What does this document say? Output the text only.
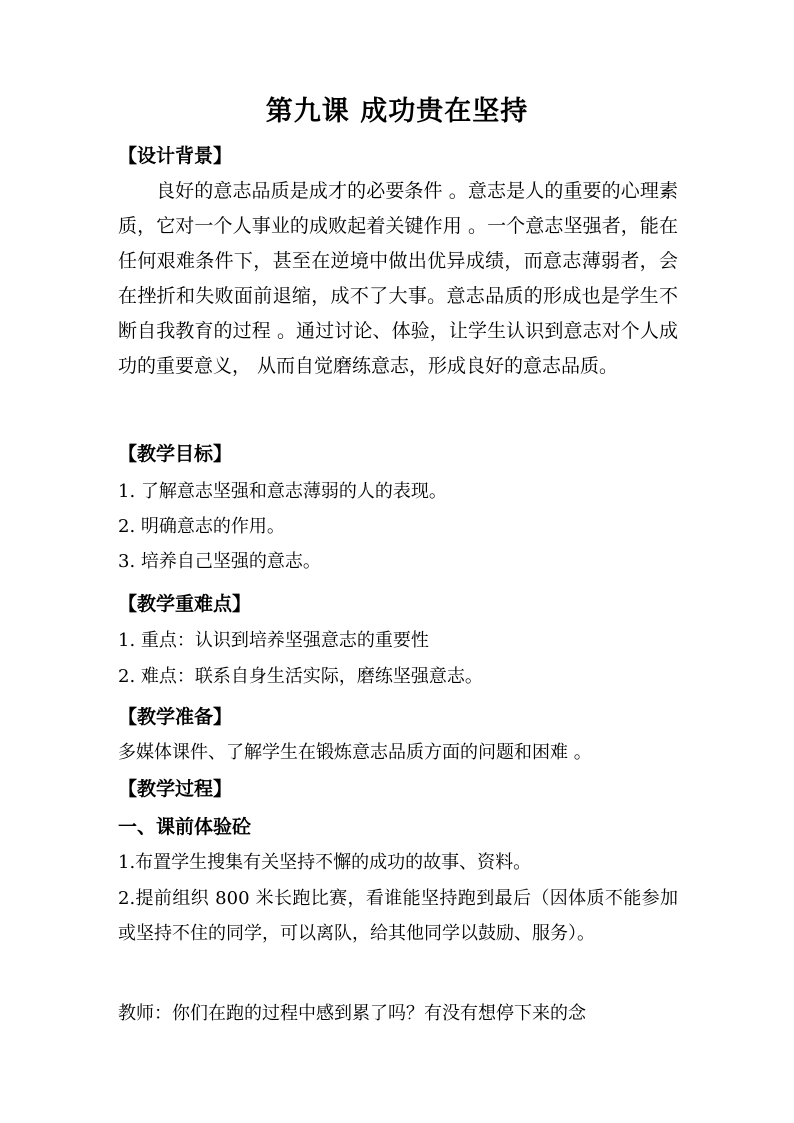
第九课 成功贵在坚持
【设计背景】

良好的意志品质是成才的必要条件 。意志是人的重要的心理素质，它对一个人事业的成败起着关键作用 。一个意志坚强者，能在任何艰难条件下，甚至在逆境中做出优异成绩，而意志薄弱者，会在挫折和失败面前退缩，成不了大事。意志品质的形成也是学生不断自我教育的过程 。通过讨论、体验，让学生认识到意志对个人成功的重要意义， 从而自觉磨练意志，形成良好的意志品质。

【教学目标】
1. 了解意志坚强和意志薄弱的人的表现。
2. 明确意志的作用。
3. 培养自己坚强的意志。
【教学重难点】
1. 重点：认识到培养坚强意志的重要性
2. 难点：联系自身生活实际，磨练坚强意志。
【教学准备】
多媒体课件、了解学生在锻炼意志品质方面的问题和困难 。
【教学过程】
一、课前体验砼
1.布置学生搜集有关坚持不懈的成功的故事、资料。

2.提前组织 800 米长跑比赛，看谁能坚持跑到最后（因体质不能参加或坚持不住的同学，可以离队，给其他同学以鼓励、服务）。

教师：你们在跑的过程中感到累了吗？有没有想停下来的念
